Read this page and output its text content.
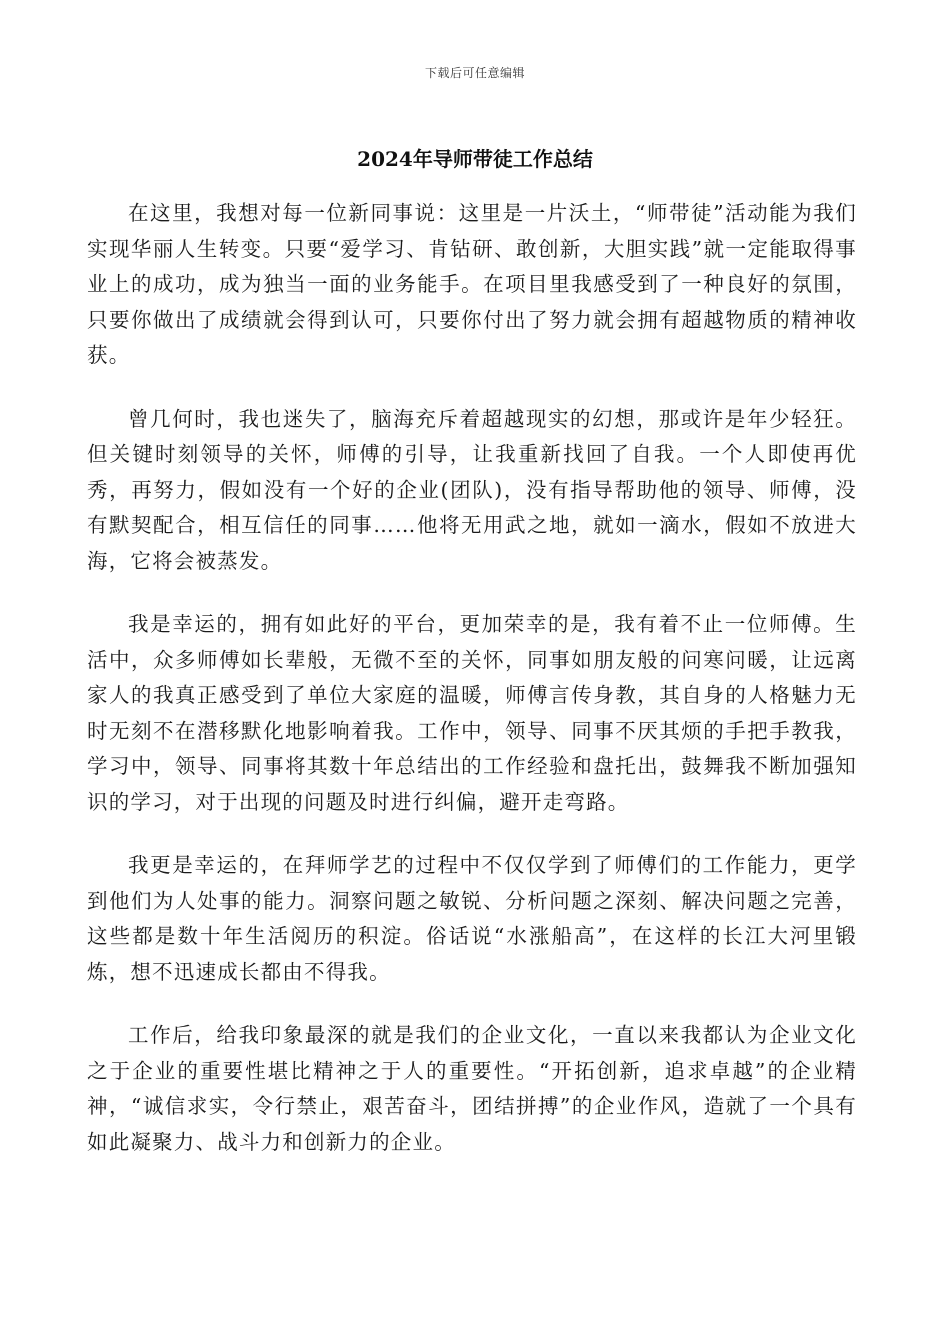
下载后可任意编辑
2024年导师带徒工作总结

在这里，我想对每一位新同事说：这里是一片沃土，“师带徒”活动能为我们实现华丽人生转变。只要“爱学习、肯钻研、敢创新，大胆实践”就一定能取得事业上的成功，成为独当一面的业务能手。在项目里我感受到了一种良好的氛围，只要你做出了成绩就会得到认可，只要你付出了努力就会拥有超越物质的精神收获。

曾几何时，我也迷失了，脑海充斥着超越现实的幻想，那或许是年少轻狂。但关键时刻领导的关怀，师傅的引导，让我重新找回了自我。一个人即使再优秀，再努力，假如没有一个好的企业(团队)，没有指导帮助他的领导、师傅，没有默契配合，相互信任的同事……他将无用武之地，就如一滴水，假如不放进大海，它将会被蒸发。

我是幸运的，拥有如此好的平台，更加荣幸的是，我有着不止一位师傅。生活中，众多师傅如长辈般，无微不至的关怀，同事如朋友般的问寒问暖，让远离家人的我真正感受到了单位大家庭的温暖，师傅言传身教，其自身的人格魅力无时无刻不在潜移默化地影响着我。工作中，领导、同事不厌其烦的手把手教我，学习中，领导、同事将其数十年总结出的工作经验和盘托出，鼓舞我不断加强知识的学习，对于出现的问题及时进行纠偏，避开走弯路。

我更是幸运的，在拜师学艺的过程中不仅仅学到了师傅们的工作能力，更学到他们为人处事的能力。洞察问题之敏锐、分析问题之深刻、解决问题之完善，这些都是数十年生活阅历的积淀。俗话说“水涨船高”，在这样的长江大河里锻炼，想不迅速成长都由不得我。

工作后，给我印象最深的就是我们的企业文化，一直以来我都认为企业文化之于企业的重要性堪比精神之于人的重要性。“开拓创新，追求卓越”的企业精神，“诚信求实，令行禁止，艰苦奋斗，团结拼搏”的企业作风，造就了一个具有如此凝聚力、战斗力和创新力的企业。
